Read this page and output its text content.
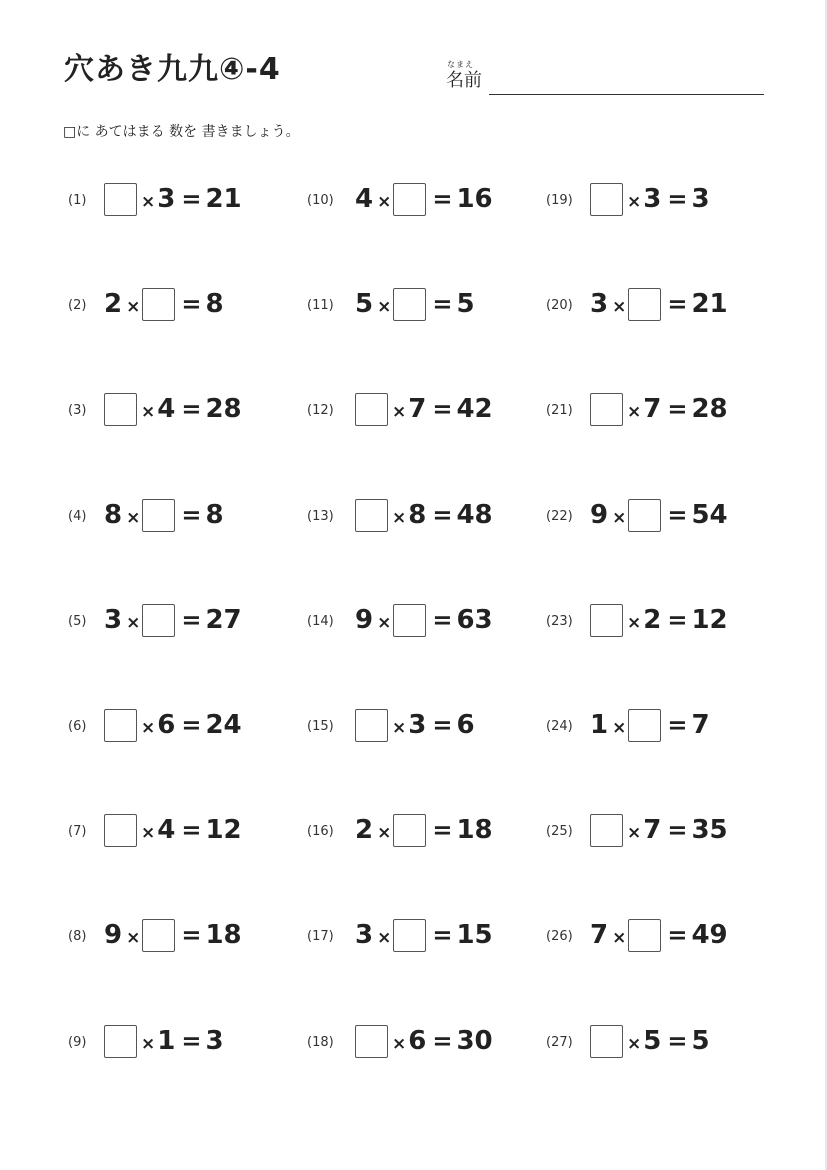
穴あき九九④-4	なまえ
名前
□に あてはまる 数を 書きましょう。
(1)	× 3 = 21
(2) 2 × = 8
(3)	× 4 = 28
(4) 8 × = 8
(5) 3 × = 27
(6)	× 6 = 24
(7)	× 4 = 12
(8) 9 × = 18
(9)	× 1 = 3
(10) 4 × = 16
(11) 5 × = 5
(12)	× 7 = 42
(13)	× 8 = 48
(14) 9 × = 63
(15)	× 3 = 6
(16) 2 × = 18
(17) 3 × = 15
(18)	× 6 = 30
(19)	× 3 = 3
(20) 3 × = 21
(21)	× 7 = 28
(22) 9 × = 54
(23)	× 2 = 12
(24) 1 × = 7
(25)	× 7 = 35
(26) 7 × = 49
(27)	× 5 = 5
